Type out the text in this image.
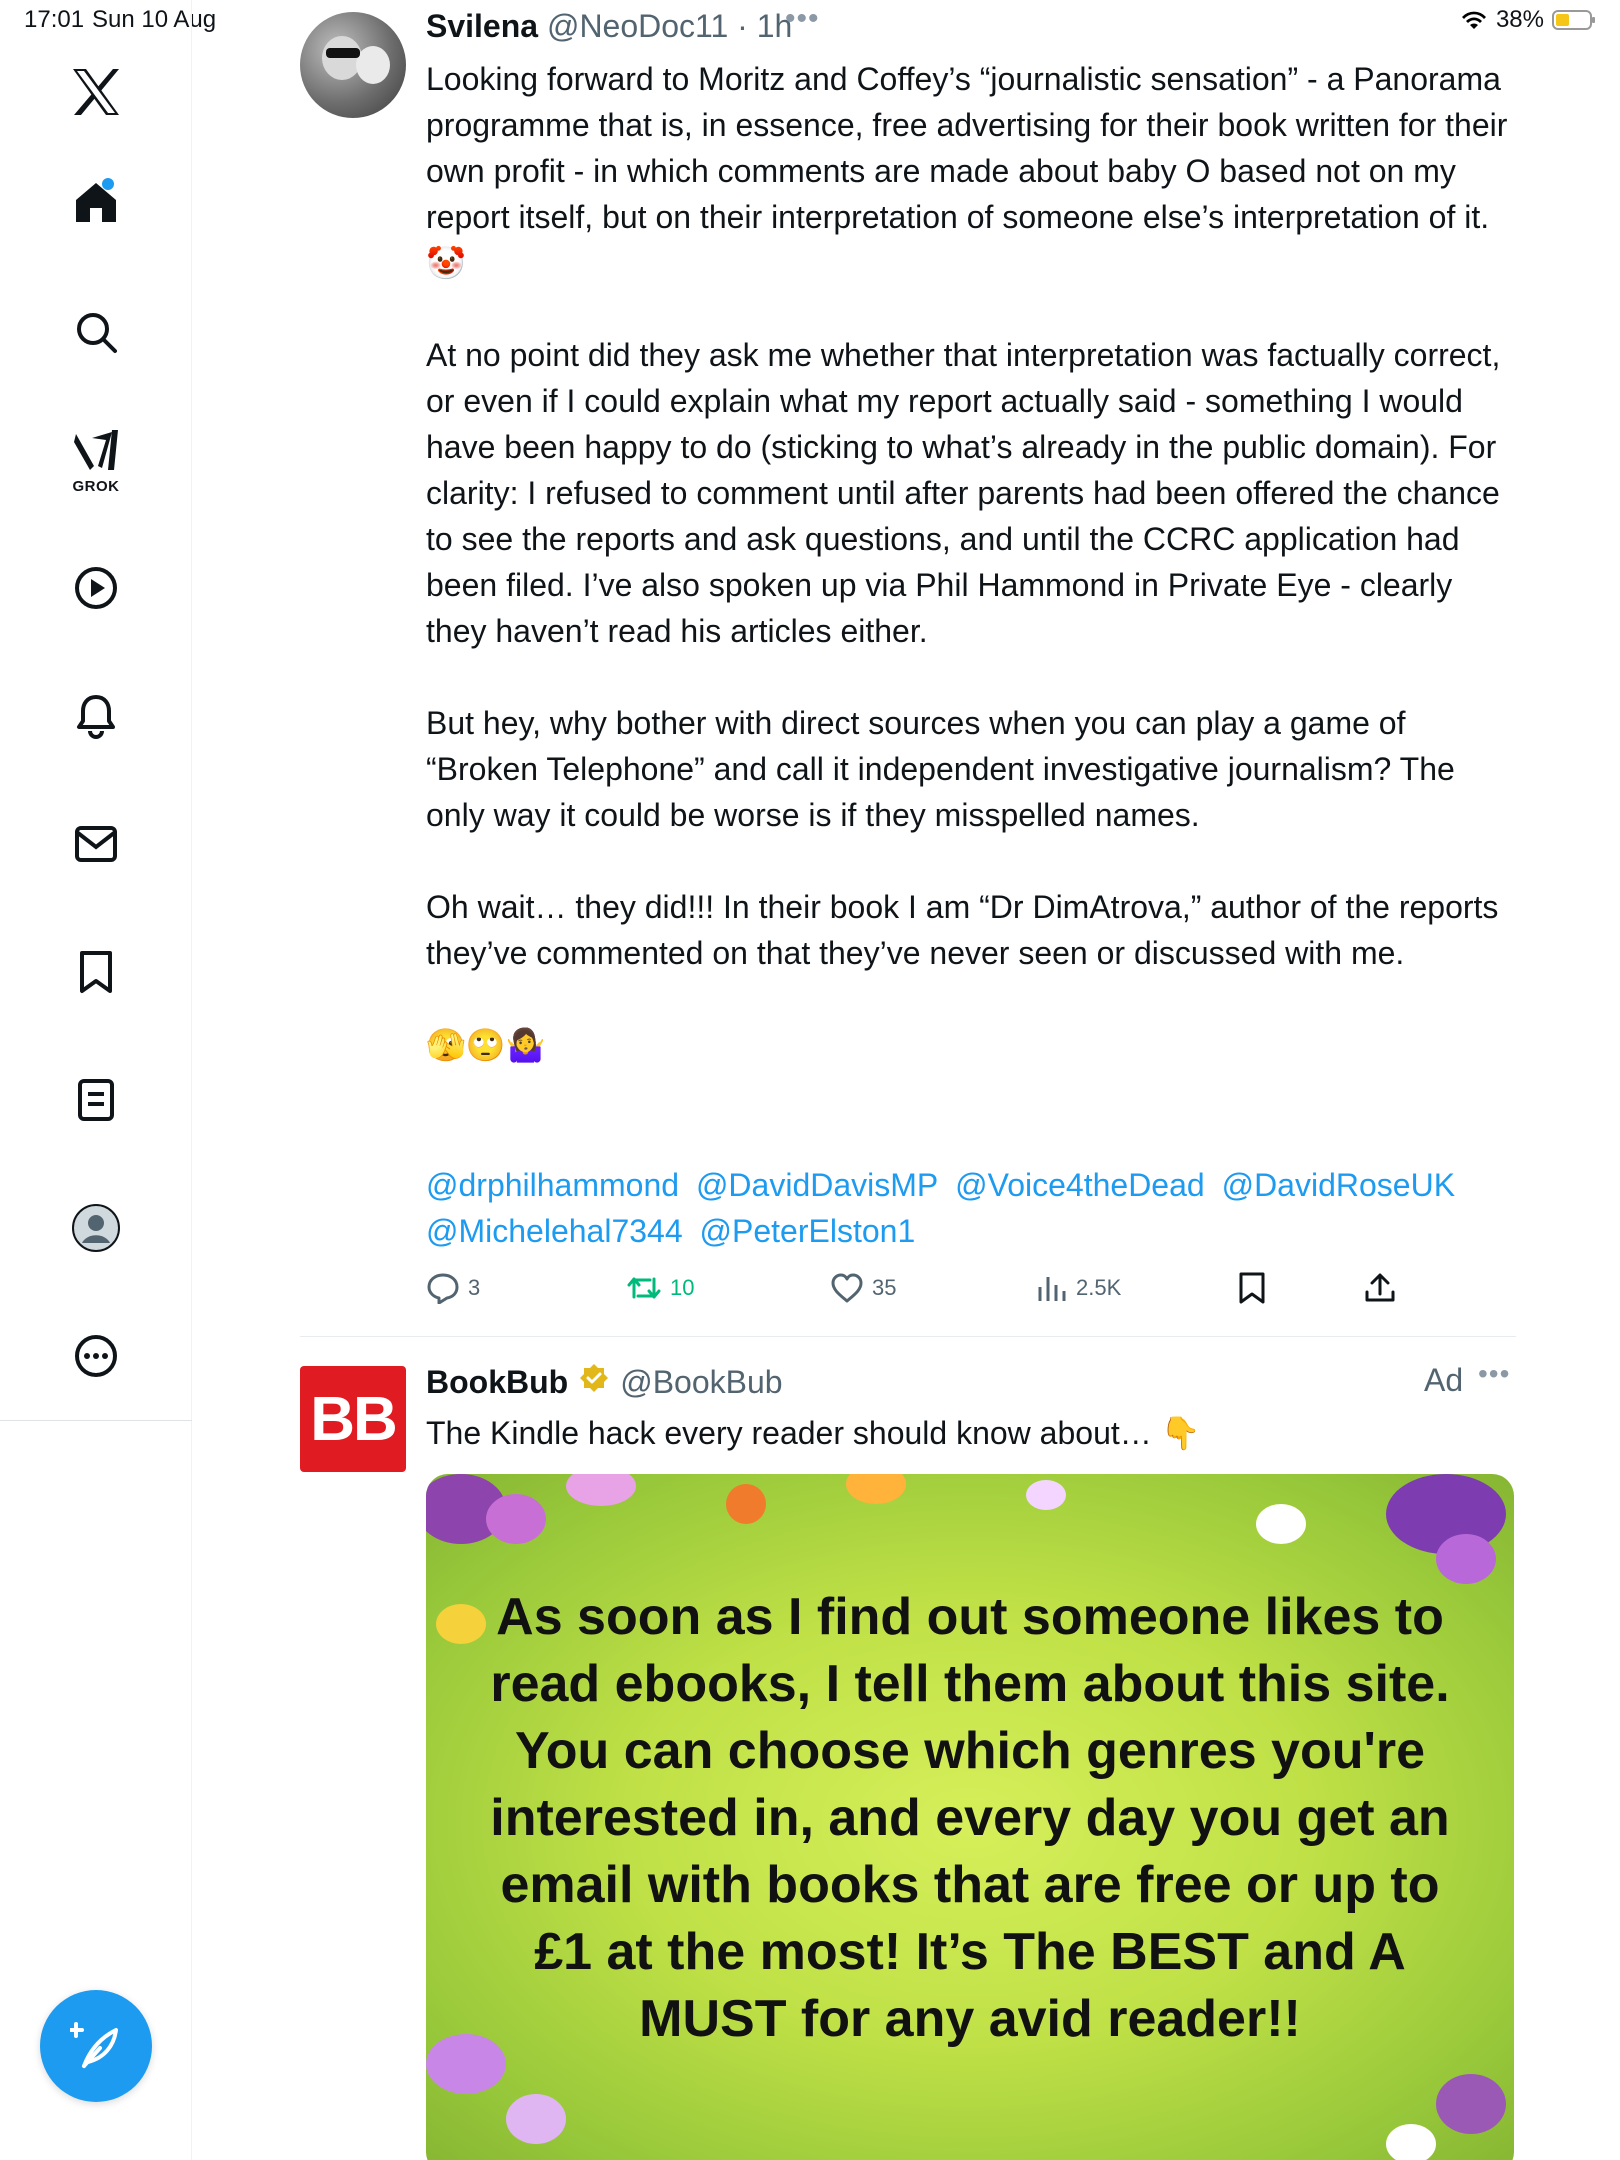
17:01 Sun 10 Aug	38%
GROK
Svilena @NeoDoc11 · 1h
•••

Looking forward to Moritz and Coffey’s “journalistic sensation” - a Panorama programme that is, in essence, free advertising for their book written for their own profit - in which comments are made about baby O based not on my report itself, but on their interpretation of someone else’s interpretation of it. 🤡

At no point did they ask me whether that interpretation was factually correct, or even if I could explain what my report actually said - something I would have been happy to do (sticking to what’s already in the public domain). For clarity: I refused to comment until after parents had been offered the chance to see the reports and ask questions, and until the CCRC application had been filed. I’ve also spoken up via Phil Hammond in Private Eye - clearly they haven’t read his articles either.

But hey, why bother with direct sources when you can play a game of “Broken Telephone” and call it independent investigative journalism? The only way it could be worse is if they misspelled names.

Oh wait… they did!!! In their book I am “Dr DimAtrova,” author of the reports they’ve commented on that they’ve never seen or discussed with me.

🫣🙄🤷‍♀️

@drphilhammond @DavidDavisMP @Voice4theDead @DavidRoseUK @Michelehal7344 @PeterElston1
3	10	35	2.5K
BB
BookBub @BookBub	Ad •••
The Kindle hack every reader should know about… 👇
As soon as I find out someone likes to read ebooks, I tell them about this site. You can choose which genres you're interested in, and every day you get an email with books that are free or up to £1 at the most! It’s The BEST and A MUST for any avid reader!!
